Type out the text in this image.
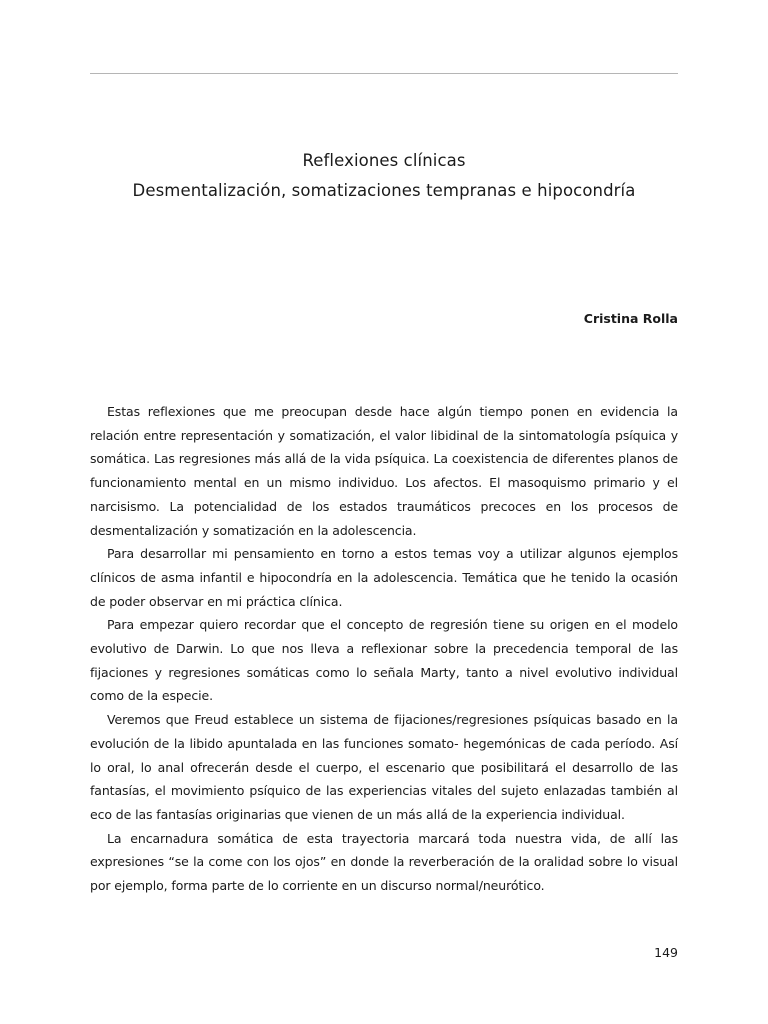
Reflexiones clínicas
Desmentalización, somatizaciones tempranas e hipocondría
Cristina Rolla

Estas reflexiones que me preocupan desde hace algún tiempo ponen en evidencia la relación entre representación y somatización, el valor libidinal de la sintomatología psíquica y somática. Las regresiones más allá de la vida psíquica. La coexistencia de diferentes planos de funcionamiento mental en un mismo individuo. Los afectos. El masoquismo primario y el narcisismo. La potencialidad de los estados traumáticos precoces en los procesos de desmentalización y somatización en la adolescencia.

Para desarrollar mi pensamiento en torno a estos temas voy a utilizar algunos ejemplos clínicos de asma infantil e hipocondría en la adolescencia. Temática que he tenido la ocasión de poder observar en mi práctica clínica.

Para empezar quiero recordar que el concepto de regresión tiene su origen en el modelo evolutivo de Darwin. Lo que nos lleva a reflexionar sobre la precedencia temporal de las fijaciones y regresiones somáticas como lo señala Marty, tanto a nivel evolutivo individual como de la especie.

Veremos que Freud establece un sistema de fijaciones/regresiones psíquicas basado en la evolución de la libido apuntalada en las funciones somato- hegemónicas de cada período. Así lo oral, lo anal ofrecerán desde el cuerpo, el escenario que posibilitará el desarrollo de las fantasías, el movimiento psíquico de las experiencias vitales del sujeto enlazadas también al eco de las fantasías originarias que vienen de un más allá de la experiencia individual.

La encarnadura somática de esta trayectoria marcará toda nuestra vida, de allí las expresiones “se la come con los ojos” en donde la reverberación de la oralidad sobre lo visual por ejemplo, forma parte de lo corriente en un discurso normal/neurótico.

149
